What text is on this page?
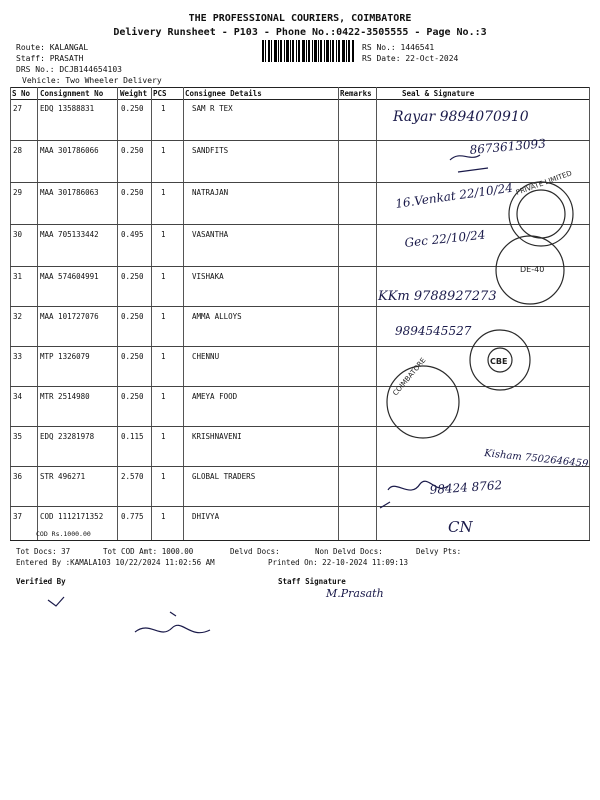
THE PROFESSIONAL COURIERS, COIMBATORE
Delivery Runsheet - P103 - Phone No.:0422-3505555 - Page No.:3
Route: KALANGAL
Staff: PRASATH
DRS No.: DCJB144654103
Vehicle: Two Wheeler Delivery
RS No.: 1446541
RS Date: 22-Oct-2024
S No Consignment No Weight PCS Consignee Details	Remarks	Seal & Signature
27 EDQ 13588831	0.250 1	SAM R TEX
28 MAA 301786066	0.250 1	SANDFITS
29 MAA 301786063	0.250 1	NATRAJAN
30 MAA 705133442	0.495 1	VASANTHA
31 MAA 574604991	0.250 1	VISHAKA
32 MAA 101727076	0.250 1	AMMA ALLOYS
33 MTP 1326079	0.250 1	CHENNU
34 MTR 2514980	0.250 1	AMEYA FOOD
35 EDQ 23281978	0.115 1	KRISHNAVENI
36 STR 496271	2.570 1	GLOBAL TRADERS
37 COD 1112171352 0.775 1	DHIVYA
COD Rs.1000.00
Tot Docs: 37	Tot COD Amt: 1000.00	Delvd Docs:	Non Delvd Docs:	Delvy Pts:
Entered By :KAMALA103 10/22/2024 11:02:56 AM	Printed On: 22-10-2024 11:09:13
Verified By	Staff Signature
Rayar 9894070910
8673613093
16.Venkat 22/10/24
Gec 22/10/24
KKm 9788927273
9894545527
Kisham 7502646459
98424 8762
CN
M.Prasath
PRIVATE LIMITED
DE-40
CBE
COIMBATORE
